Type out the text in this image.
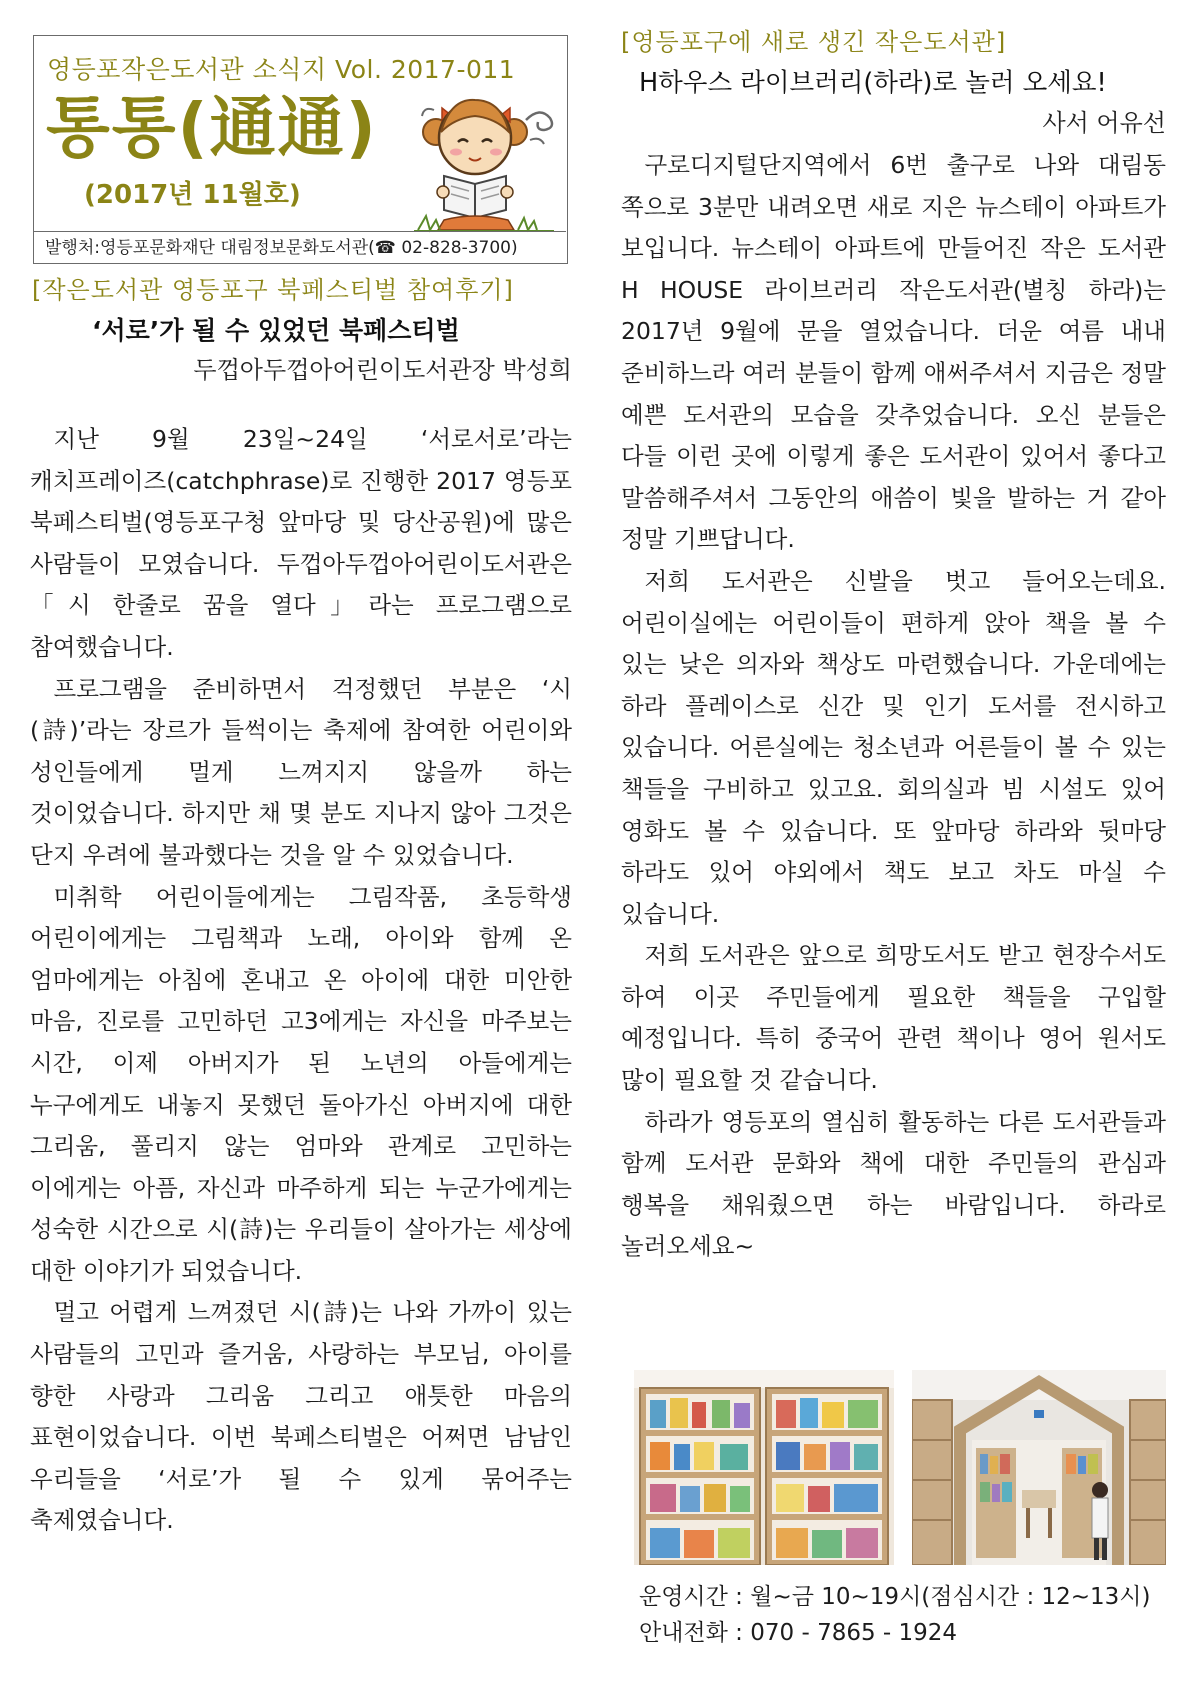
영등포작은도서관 소식지 Vol. 2017-011
통통(通通)
(2017년 11월호)
발행처:영등포문화재단 대림정보문화도서관(☎ 02-828-3700)
[작은도서관 영등포구 북페스티벌 참여후기]
‘서로’가 될 수 있었던 북페스티벌
두껍아두껍아어린이도서관장 박성희

지난 9월 23일~24일 ‘서로서로’라는 캐치프레이즈(catchphrase)로 진행한 2017 영등포 북페스티벌(영등포구청 앞마당 및 당산공원)에 많은 사람들이 모였습니다. 두껍아두껍아어린이도서관은 「시 한줄로 꿈을 열다」라는 프로그램으로 참여했습니다.

프로그램을 준비하면서 걱정했던 부분은 ‘시(詩)’라는 장르가 들썩이는 축제에 참여한 어린이와 성인들에게 멀게 느껴지지 않을까 하는 것이었습니다. 하지만 채 몇 분도 지나지 않아 그것은 단지 우려에 불과했다는 것을 알 수 있었습니다.

미취학 어린이들에게는 그림작품, 초등학생 어린이에게는 그림책과 노래, 아이와 함께 온 엄마에게는 아침에 혼내고 온 아이에 대한 미안한 마음, 진로를 고민하던 고3에게는 자신을 마주보는 시간, 이제 아버지가 된 노년의 아들에게는 누구에게도 내놓지 못했던 돌아가신 아버지에 대한 그리움, 풀리지 않는 엄마와 관계로 고민하는 이에게는 아픔, 자신과 마주하게 되는 누군가에게는 성숙한 시간으로 시(詩)는 우리들이 살아가는 세상에 대한 이야기가 되었습니다.

멀고 어렵게 느껴졌던 시(詩)는 나와 가까이 있는 사람들의 고민과 즐거움, 사랑하는 부모님, 아이를 향한 사랑과 그리움 그리고 애틋한 마음의 표현이었습니다. 이번 북페스티벌은 어쩌면 남남인 우리들을 ‘서로’가 될 수 있게 묶어주는 축제였습니다.

[영등포구에 새로 생긴 작은도서관]
H하우스 라이브러리(하라)로 놀러 오세요!
사서 어유선

구로디지털단지역에서 6번 출구로 나와 대림동 쪽으로 3분만 내려오면 새로 지은 뉴스테이 아파트가 보입니다. 뉴스테이 아파트에 만들어진 작은 도서관 H HOUSE 라이브러리 작은도서관(별칭 하라)는 2017년 9월에 문을 열었습니다. 더운 여름 내내 준비하느라 여러 분들이 함께 애써주셔서 지금은 정말 예쁜 도서관의 모습을 갖추었습니다. 오신 분들은 다들 이런 곳에 이렇게 좋은 도서관이 있어서 좋다고 말씀해주셔서 그동안의 애씀이 빛을 발하는 거 같아 정말 기쁘답니다.

저희 도서관은 신발을 벗고 들어오는데요. 어린이실에는 어린이들이 편하게 앉아 책을 볼 수 있는 낮은 의자와 책상도 마련했습니다. 가운데에는 하라 플레이스로 신간 및 인기 도서를 전시하고 있습니다. 어른실에는 청소년과 어른들이 볼 수 있는 책들을 구비하고 있고요. 회의실과 빔 시설도 있어 영화도 볼 수 있습니다. 또 앞마당 하라와 뒷마당 하라도 있어 야외에서 책도 보고 차도 마실 수 있습니다.

저희 도서관은 앞으로 희망도서도 받고 현장수서도 하여 이곳 주민들에게 필요한 책들을 구입할 예정입니다. 특히 중국어 관련 책이나 영어 원서도 많이 필요할 것 같습니다.

하라가 영등포의 열심히 활동하는 다른 도서관들과 함께 도서관 문화와 책에 대한 주민들의 관심과 행복을 채워줬으면 하는 바람입니다. 하라로 놀러오세요~

운영시간 : 월~금 10~19시(점심시간 : 12~13시)
안내전화 : 070 - 7865 - 1924
